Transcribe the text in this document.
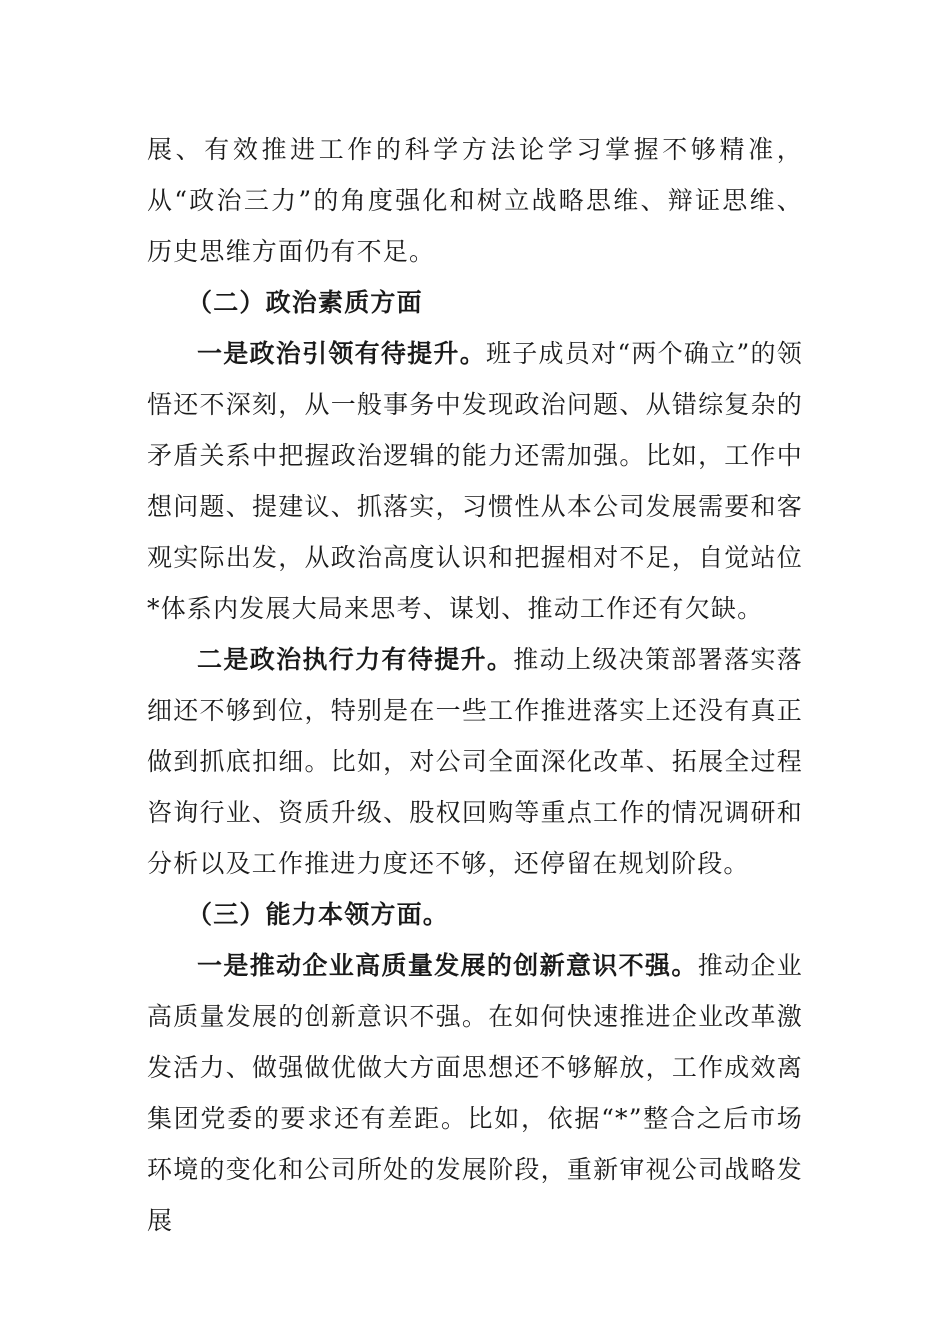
展、有效推进工作的科学方法论学习掌握不够精准，从“政治三力”的角度强化和树立战略思维、辩证思维、历史思维方面仍有不足。

（二）政治素质方面

一是政治引领有待提升。班子成员对“两个确立”的领悟还不深刻，从一般事务中发现政治问题、从错综复杂的矛盾关系中把握政治逻辑的能力还需加强。比如，工作中想问题、提建议、抓落实，习惯性从本公司发展需要和客观实际出发，从政治高度认识和把握相对不足，自觉站位*体系内发展大局来思考、谋划、推动工作还有欠缺。

二是政治执行力有待提升。推动上级决策部署落实落细还不够到位，特别是在一些工作推进落实上还没有真正做到抓底扣细。比如，对公司全面深化改革、拓展全过程咨询行业、资质升级、股权回购等重点工作的情况调研和分析以及工作推进力度还不够，还停留在规划阶段。

（三）能力本领方面。

一是推动企业高质量发展的创新意识不强。推动企业高质量发展的创新意识不强。在如何快速推进企业改革激发活力、做强做优做大方面思想还不够解放，工作成效离集团党委的要求还有差距。比如，依据“*”整合之后市场环境的变化和公司所处的发展阶段，重新审视公司战略发展
